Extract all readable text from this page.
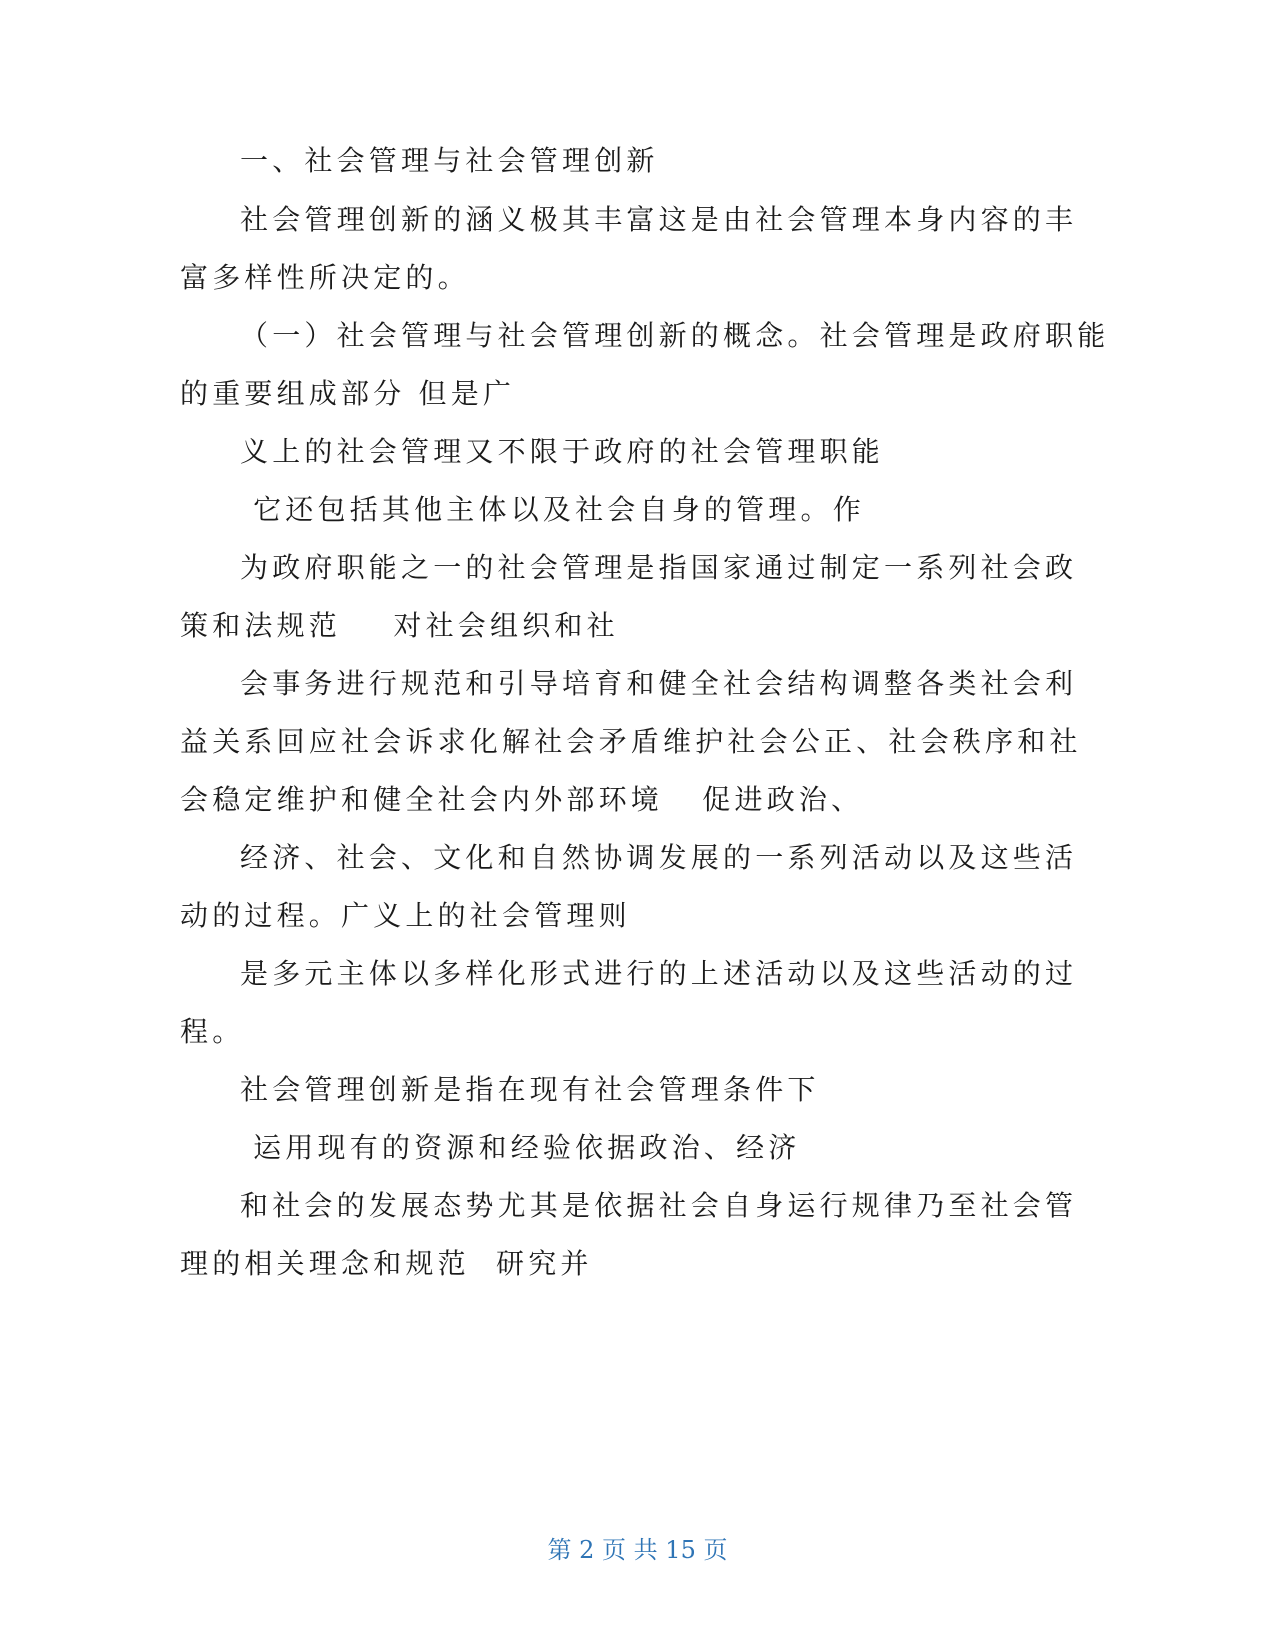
一、社会管理与社会管理创新
社会管理创新的涵义极其丰富这是由社会管理本身内容的丰
富多样性所决定的。
（一）社会管理与社会管理创新的概念。社会管理是政府职能
的重要组成部分 但是广
义上的社会管理又不限于政府的社会管理职能
它还包括其他主体以及社会自身的管理。作
为政府职能之一的社会管理是指国家通过制定一系列社会政
策和法规范    对社会组织和社
会事务进行规范和引导培育和健全社会结构调整各类社会利
益关系回应社会诉求化解社会矛盾维护社会公正、社会秩序和社
会稳定维护和健全社会内外部环境   促进政治、
经济、社会、文化和自然协调发展的一系列活动以及这些活
动的过程。广义上的社会管理则
是多元主体以多样化形式进行的上述活动以及这些活动的过
程。
社会管理创新是指在现有社会管理条件下
运用现有的资源和经验依据政治、经济
和社会的发展态势尤其是依据社会自身运行规律乃至社会管
理的相关理念和规范  研究并
第 2 页 共 15 页
